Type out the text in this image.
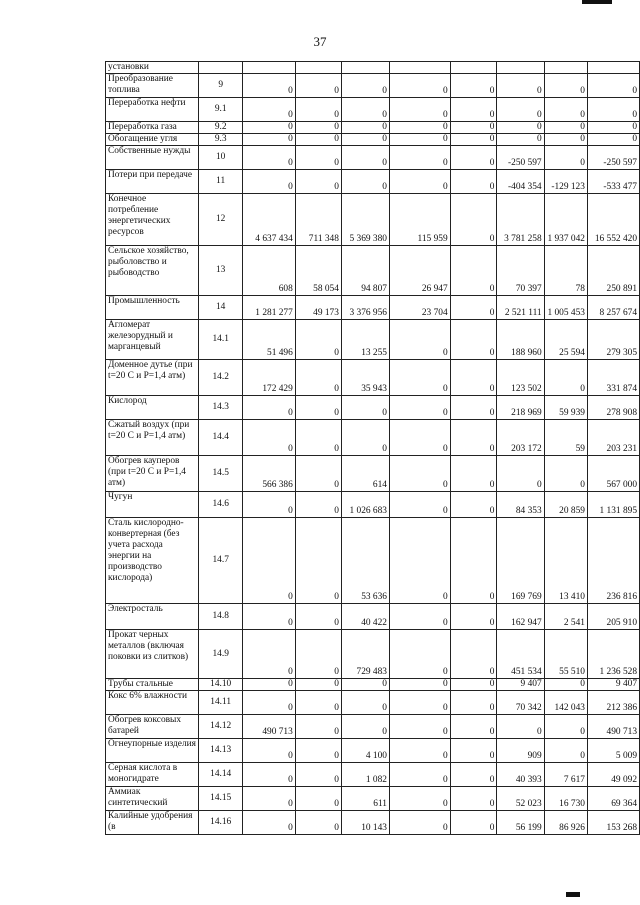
37
установки									
Преобразование топлива	9	0	0	0	0	0	0	0	0
Переработка нефти	9.1	0	0	0	0	0	0	0	0
Переработка газа	9.2	0	0	0	0	0	0	0	0
Обогащение угля	9.3	0	0	0	0	0	0	0	0
Собственные нужды	10	0	0	0	0	0	-250 597	0	-250 597
Потери при передаче	11	0	0	0	0	0	-404 354	-129 123	-533 477
Конечное потребление энергетических ресурсов	12	4 637 434	711 348	5 369 380	115 959	0	3 781 258	1 937 042	16 552 420
Сельское хозяйство, рыболовство и рыбоводство	13	608	58 054	94 807	26 947	0	70 397	78	250 891
Промышленность	14	1 281 277	49 173	3 376 956	23 704	0	2 521 111	1 005 453	8 257 674
Агломерат железорудный и марганцевый	14.1	51 496	0	13 255	0	0	188 960	25 594	279 305
Доменное дутье (при t=20 С и Р=1,4 атм)	14.2	172 429	0	35 943	0	0	123 502	0	331 874
Кислород	14.3	0	0	0	0	0	218 969	59 939	278 908
Сжатый воздух (при t=20 С и Р=1,4 атм)	14.4	0	0	0	0	0	203 172	59	203 231
Обогрев кауперов (при t=20 С и Р=1,4 атм)	14.5	566 386	0	614	0	0	0	0	567 000
Чугун	14.6	0	0	1 026 683	0	0	84 353	20 859	1 131 895
Сталь кислородно-конвертерная (без учета расхода энергии на производство кислорода)	14.7	0	0	53 636	0	0	169 769	13 410	236 816
Электросталь	14.8	0	0	40 422	0	0	162 947	2 541	205 910
Прокат черных металлов (включая поковки из слитков)	14.9	0	0	729 483	0	0	451 534	55 510	1 236 528
Трубы стальные	14.10	0	0	0	0	0	9 407	0	9 407
Кокс 6% влажности	14.11	0	0	0	0	0	70 342	142 043	212 386
Обогрев коксовых батарей	14.12	490 713	0	0	0	0	0	0	490 713
Огнеупорные изделия	14.13	0	0	4 100	0	0	909	0	5 009
Серная кислота в моногидрате	14.14	0	0	1 082	0	0	40 393	7 617	49 092
Аммиак синтетический	14.15	0	0	611	0	0	52 023	16 730	69 364
Калийные удобрения (в	14.16	0	0	10 143	0	0	56 199	86 926	153 268
